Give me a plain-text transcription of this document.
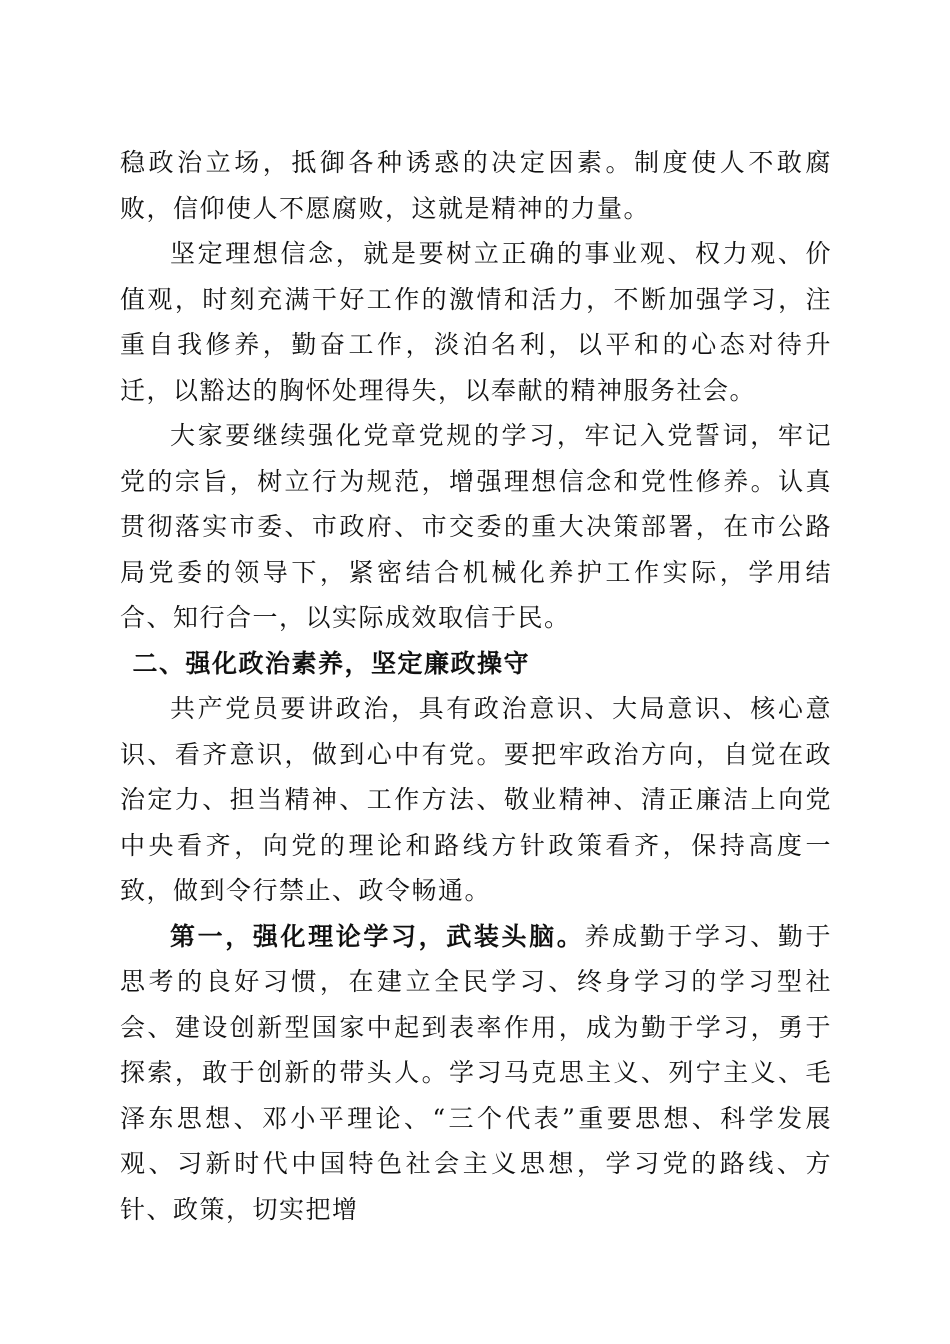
稳政治立场，抵御各种诱惑的决定因素。制度使人不敢腐败，信仰使人不愿腐败，这就是精神的力量。

坚定理想信念，就是要树立正确的事业观、权力观、价值观，时刻充满干好工作的激情和活力，不断加强学习，注重自我修养，勤奋工作，淡泊名利，以平和的心态对待升迁，以豁达的胸怀处理得失，以奉献的精神服务社会。

大家要继续强化党章党规的学习，牢记入党誓词，牢记党的宗旨，树立行为规范，增强理想信念和党性修养。认真贯彻落实市委、市政府、市交委的重大决策部署，在市公路局党委的领导下，紧密结合机械化养护工作实际，学用结合、知行合一，以实际成效取信于民。

二、强化政治素养，坚定廉政操守

共产党员要讲政治，具有政治意识、大局意识、核心意识、看齐意识，做到心中有党。要把牢政治方向，自觉在政治定力、担当精神、工作方法、敬业精神、清正廉洁上向党中央看齐，向党的理论和路线方针政策看齐，保持高度一致，做到令行禁止、政令畅通。

第一，强化理论学习，武装头脑。养成勤于学习、勤于思考的良好习惯，在建立全民学习、终身学习的学习型社会、建设创新型国家中起到表率作用，成为勤于学习，勇于探索，敢于创新的带头人。学习马克思主义、列宁主义、毛泽东思想、邓小平理论、“三个代表”重要思想、科学发展观、习新时代中国特色社会主义思想，学习党的路线、方针、政策，切实把增
